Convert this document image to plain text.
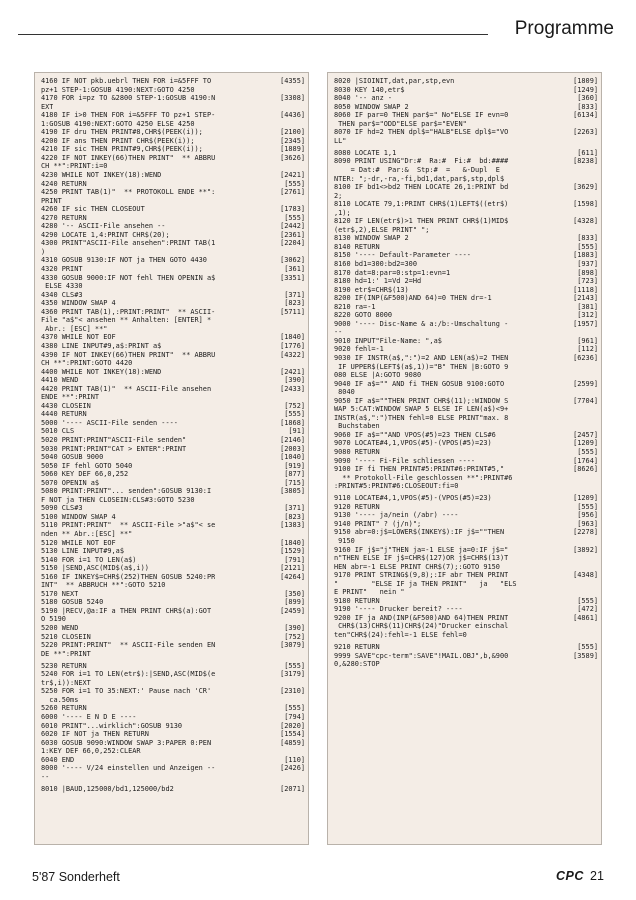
Programme
4160 IF NOT pkb.uebrl THEN FOR i=&5FFF TO	[4355]
pz+1 STEP-1:GOSUB 4190:NEXT:GOTO 4250
4170 FOR i=pz TO &2800 STEP-1:GOSUB 4190:N	[3308]
EXT
4180 IF i>0 THEN FOR i=&5FFF TO pz+1 STEP-	[4436]
1:GOSUB 4190:NEXT:GOTO 4250 ELSE 4250
4190 IF dru THEN PRINT#8,CHR$(PEEK(i));	[2100]
4200 IF ans THEN PRINT CHR$(PEEK(i));	[2345]
4210 IF sic THEN PRINT#9,CHR$(PEEK(i));	[1889]
4220 IF NOT INKEY(66)THEN PRINT"  ** ABBRU	[3626]
CH **":PRINT:i=0
4230 WHILE NOT INKEY(18):WEND	[2421]
4240 RETURN	[555]
4250 PRINT TAB(1)"  ** PROTOKOLL ENDE **":	[2761]
PRINT
4260 IF sic THEN CLOSEOUT	[1783]
4270 RETURN	[555]
4280 '-- ASCII-File ansehen --	[2442]
4290 LOCATE 1,4:PRINT CHR$(20);	[2361]
4300 PRINT"ASCII-File ansehen":PRINT TAB(1	[2204]
)
4310 GOSUB 9130:IF NOT ja THEN GOTO 4430	[3062]
4320 PRINT	[361]
4330 GOSUB 9000:IF NOT fehl THEN OPENIN a$	[3351]
ELSE 4330
4340 CLS#3	[371]
4350 WINDOW SWAP 4	[823]
4360 PRINT TAB(1),:PRINT:PRINT"  ** ASCII-	[5711]
File "a$"< ansehen ** Anhalten: [ENTER] *
Abr.: [ESC] **"
4370 WHILE NOT EOF	[1840]
4380 LINE INPUT#9,a$:PRINT a$	[1776]
4390 IF NOT INKEY(66)THEN PRINT"  ** ABBRU	[4322]
CH **":PRINT:GOTO 4420
4400 WHILE NOT INKEY(18):WEND	[2421]
4410 WEND	[390]
4420 PRINT TAB(1)"  ** ASCII-File ansehen	[2433]
ENDE **":PRINT
4430 CLOSEIN	[752]
4440 RETURN	[555]
5000 '---- ASCII-File senden ----	[1868]
5010 CLS	[91]
5020 PRINT:PRINT"ASCII-File senden"	[2146]
5030 PRINT:PRINT"CAT > ENTER":PRINT	[2003]
5040 GOSUB 9000	[1040]
5050 IF fehl GOTO 5040	[919]
5060 KEY DEF 66,0,252	[877]
5070 OPENIN a$	[715]
5080 PRINT:PRINT"... senden":GOSUB 9130:I	[3805]
F NOT ja THEN CLOSEIN:CLS#3:GOTO 5230
5090 CLS#3	[371]
5100 WINDOW SWAP 4	[823]
5110 PRINT:PRINT"  ** ASCII-File >"a$"< se	[1383]
nden ** Abr.:[ESC] **"
5120 WHILE NOT EOF	[1840]
5130 LINE INPUT#9,a$	[1529]
5140 FOR i=1 TO LEN(a$)	[791]
5150 |SEND,ASC(MID$(a$,i))	[2121]
5160 IF INKEY$=CHR$(252)THEN GOSUB 5240:PR	[4264]
INT"  ** ABBRUCH **":GOTO 5210
5170 NEXT	[350]
5180 GOSUB 5240	[899]
5190 |RECV,@a:IF a THEN PRINT CHR$(a):GOT	[2459]
O 5190
5200 WEND	[390]
5210 CLOSEIN	[752]
5220 PRINT:PRINT"  ** ASCII-File senden EN	[3079]
DE **":PRINT
5230 RETURN	[555]
5240 FOR i=1 TO LEN(etr$):|SEND,ASC(MID$(e	[3179]
tr$,i)):NEXT
5250 FOR i=1 TO 35:NEXT:' Pause nach 'CR'	[2310]
ca.50ms
5260 RETURN	[555]
6000 '---- E N D E ----	[794]
6010 PRINT"...wirklich":GOSUB 9130	[2020]
6020 IF NOT ja THEN RETURN	[1554]
6030 GOSUB 9090:WINDOW SWAP 3:PAPER 0:PEN	[4859]
1:KEY DEF 66,0,252:CLEAR
6040 END	[110]
8000 '---- V/24 einstellen und Anzeigen --	[2426]
--
8010 |BAUD,125000/bd1,125000/bd2	[2071]
8020 |SIOINIT,dat,par,stp,evn	[1809]
8030 KEY 140,etr$	[1249]
8040 '-- anz -	[360]
8050 WINDOW SWAP 2	[833]
8060 IF par=0 THEN par$=" No"ELSE IF evn=0	[6134]
THEN par$="ODD"ELSE par$="EVEN"
8070 IF hd=2 THEN dpl$="HALB"ELSE dpl$="VO	[2263]
LL"
8080 LOCATE 1,1	[611]
8090 PRINT USING"Dr:#  Ra:#  Fi:#  bd:####	[8238]
= Dat:#  Par:&  Stp:#  =   &-Dupl  E
NTER: ";-dr,-ra,-fi,bd1,dat,par$,stp,dpl$
8100 IF bd1<>bd2 THEN LOCATE 26,1:PRINT bd	[3629]
2;
8110 LOCATE 79,1:PRINT CHR$(1)LEFT$((etr$)	[1598]
,1);
8120 IF LEN(etr$)>1 THEN PRINT CHR$(1)MID$	[4328]
(etr$,2),ELSE PRINT" ";
8130 WINDOW SWAP 2	[833]
8140 RETURN	[555]
8150 '---- Default-Parameter ----	[1883]
8160 bd1=300:bd2=300	[937]
8170 dat=8:par=0:stp=1:evn=1	[898]
8180 hd=1:' 1=Vd 2=Hd	[723]
8190 etr$=CHR$(13)	[1118]
8200 IF(INP(&F500)AND 64)=0 THEN dr=-1	[2143]
8210 ra=-1	[381]
8220 GOTO 8000	[312]
9000 '---- Disc-Name & a:/b:-Umschaltung -	[1957]
--
9010 INPUT"File-Name: ",a$	[961]
9020 fehl=-1	[112]
9030 IF INSTR(a$,":")=2 AND LEN(a$)=2 THEN	[6236]
IF UPPER$(LEFT$(a$,1))="B" THEN |B:GOTO 9
080 ELSE |A:GOTO 9080
9040 IF a$="" AND fi THEN GOSUB 9100:GOTO	[2599]
8040
9050 IF a$=""THEN PRINT CHR$(11);:WINDOW S	[7704]
WAP 5:CAT:WINDOW SWAP 5 ELSE IF LEN(a$)<9+
INSTR(a$,":")THEN fehl=0 ELSE PRINT"max. 8
Buchstaben
9060 IF a$=""AND VPOS(#5)=23 THEN CLS#6	[2457]
9070 LOCATE#4,1,VPOS(#5)-(VPOS(#5)=23)	[1209]
9080 RETURN	[555]
9090 '---- Fi-File schliessen ----	[1764]
9100 IF fi THEN PRINT#5:PRINT#6:PRINT#5,"	[8626]
** Protokoll-File geschlossen **":PRINT#6
:PRINT#5:PRINT#6:CLOSEOUT:fi=0
9110 LOCATE#4,1,VPOS(#5)-(VPOS(#5)=23)	[1209]
9120 RETURN	[555]
9130 '---- ja/nein (/abr) ----	[956]
9140 PRINT" ? (j/n)";	[963]
9150 abr=0:j$=LOWER$(INKEY$):IF j$=""THEN	[2278]
9150
9160 IF j$="j"THEN ja=-1 ELSE ja=0:IF j$="	[3892]
n"THEN ELSE IF j$=CHR$(127)OR j$=CHR$(13)T
HEN abr=-1 ELSE PRINT CHR$(7);:GOTO 9150
9170 PRINT STRING$(9,8);:IF abr THEN PRINT	[4348]
"        "ELSE IF ja THEN PRINT"   ja   "ELS
E PRINT"   nein "
9180 RETURN	[555]
9190 '---- Drucker bereit? ----	[472]
9200 IF ja AND(INP(&F500)AND 64)THEN PRINT	[4861]
CHR$(13)CHR$(11)CHR$(24)"Drucker einschal
ten"CHR$(24):fehl=-1 ELSE fehl=0
9210 RETURN	[555]
9999 SAVE"cpc-term":SAVE"!MAIL.OBJ",b,&900	[3589]
0,&280:STOP
5'87 Sonderheft	CPC 21
